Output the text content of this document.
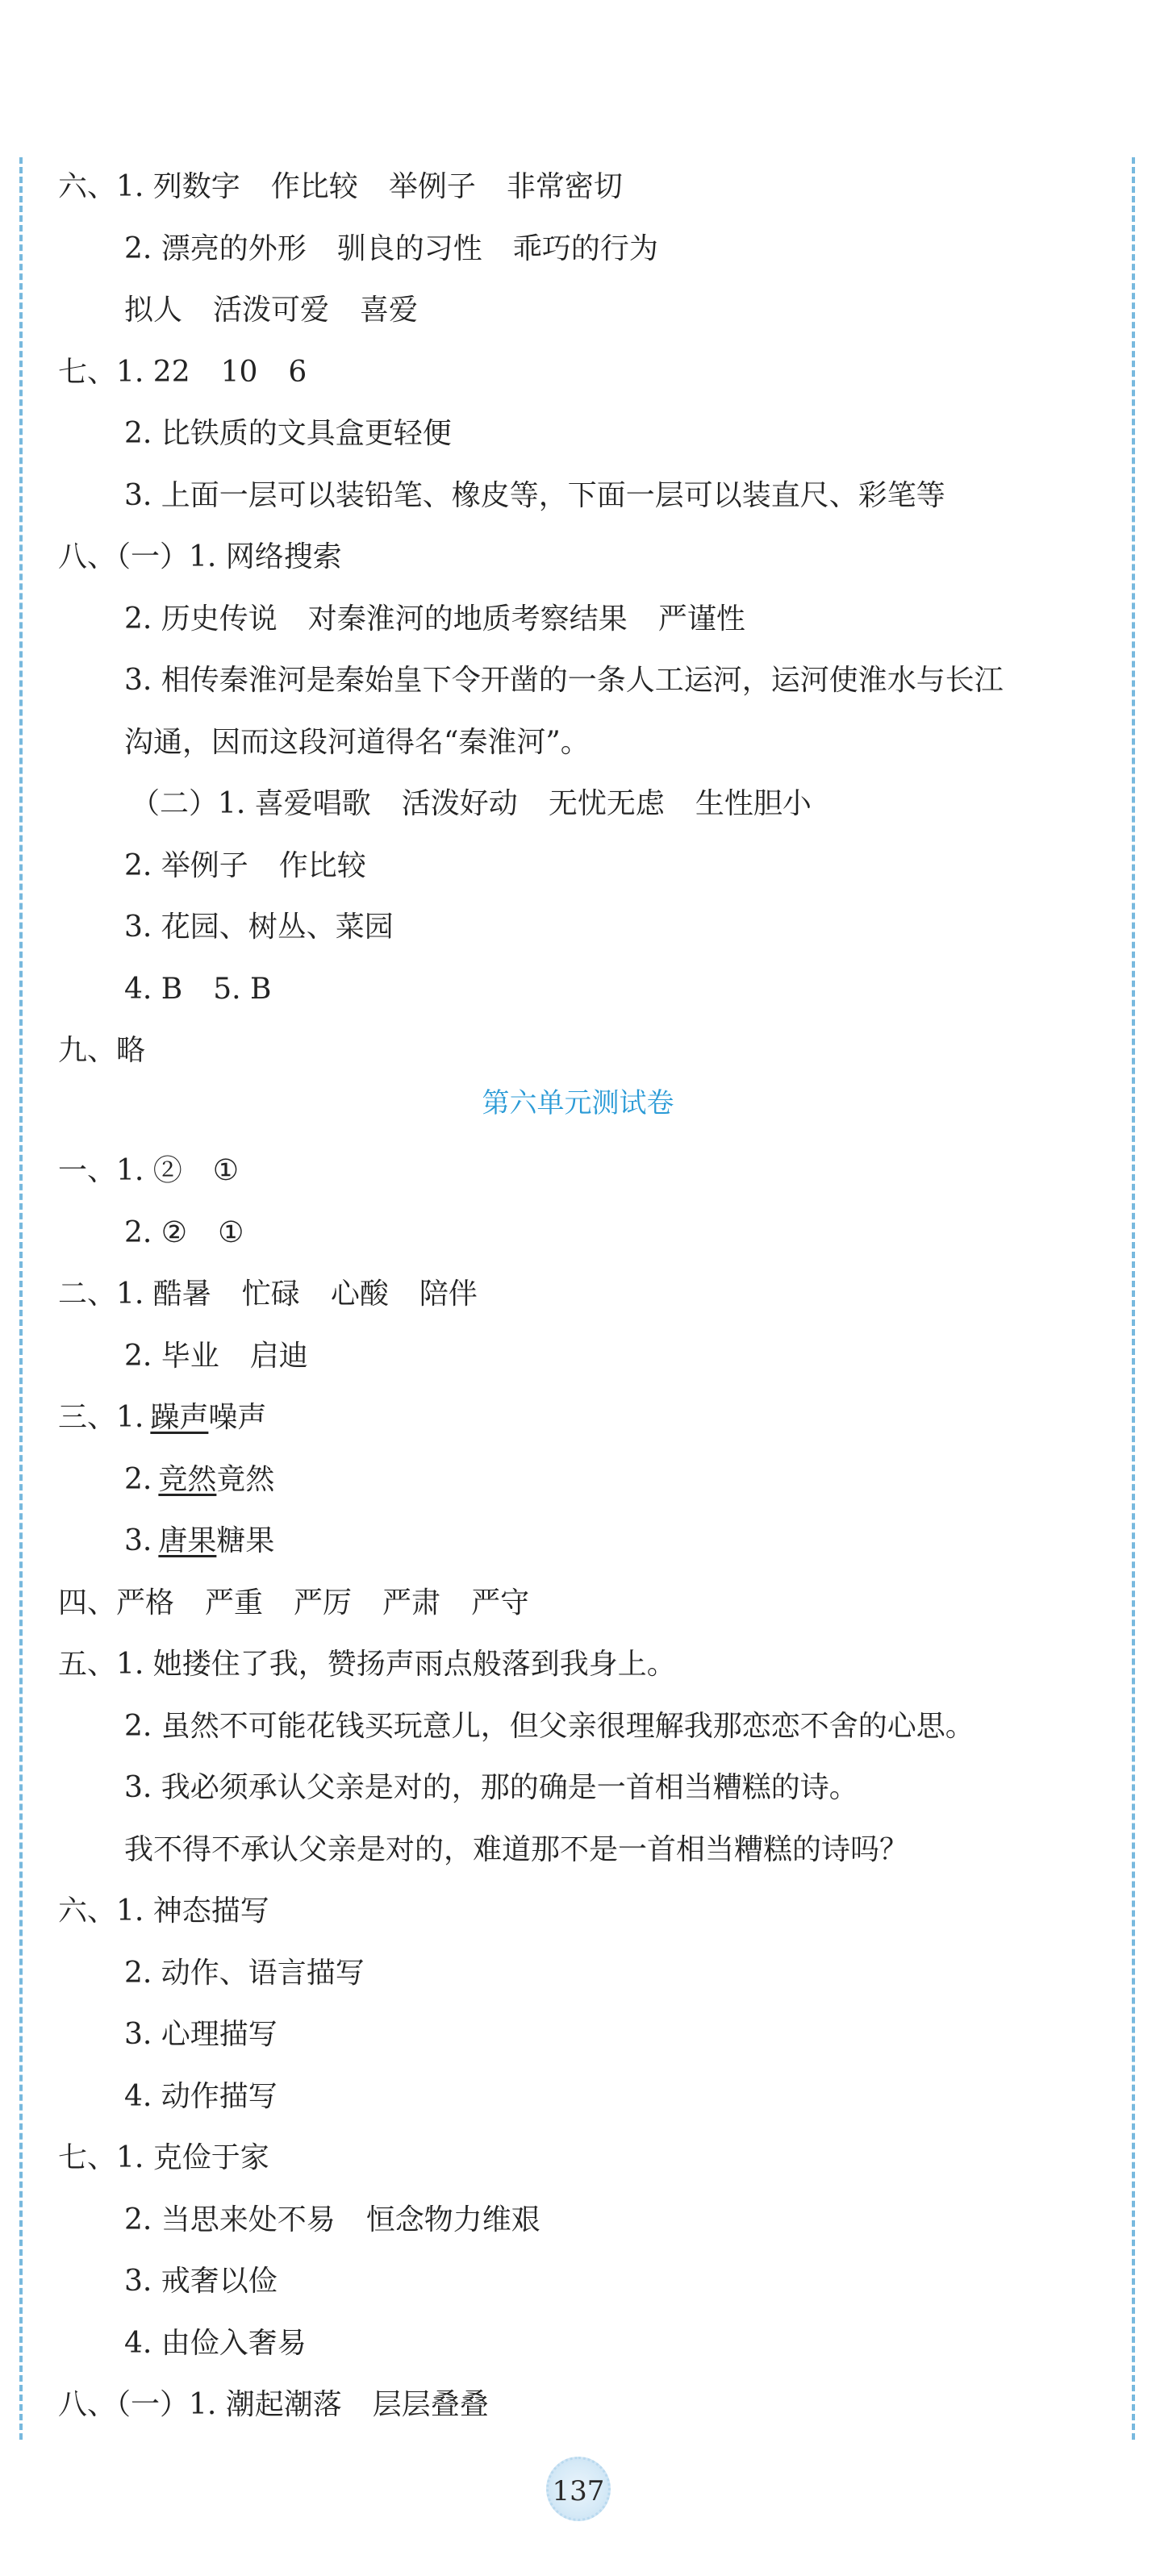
六、1. 列数字 作比较 举例子 非常密切
2. 漂亮的外形 驯良的习性 乖巧的行为
拟人 活泼可爱 喜爱
七、1. 22 10 6
2. 比铁质的文具盒更轻便
3. 上面一层可以装铅笔、橡皮等，下面一层可以装直尺、彩笔等
八、（一）1. 网络搜索
2. 历史传说 对秦淮河的地质考察结果 严谨性
3. 相传秦淮河是秦始皇下令开凿的一条人工运河，运河使淮水与长江
沟通，因而这段河道得名“秦淮河”。
（二）1. 喜爱唱歌 活泼好动 无忧无虑 生性胆小
2. 举例子 作比较
3. 花园、树丛、菜园
4. B 5. B
九、略
第六单元测试卷
一、1. ② ①
2. ② ①
二、1. 酷暑 忙碌 心酸 陪伴
2. 毕业 启迪
三、1. 躁声噪声
2. 竞然竟然
3. 唐果糖果
四、严格 严重 严厉 严肃 严守
五、1. 她搂住了我，赞扬声雨点般落到我身上。
2. 虽然不可能花钱买玩意儿，但父亲很理解我那恋恋不舍的心思。
3. 我必须承认父亲是对的，那的确是一首相当糟糕的诗。
我不得不承认父亲是对的，难道那不是一首相当糟糕的诗吗？
六、1. 神态描写
2. 动作、语言描写
3. 心理描写
4. 动作描写
七、1. 克俭于家
2. 当思来处不易 恒念物力维艰
3. 戒奢以俭
4. 由俭入奢易
八、（一）1. 潮起潮落 层层叠叠
137
